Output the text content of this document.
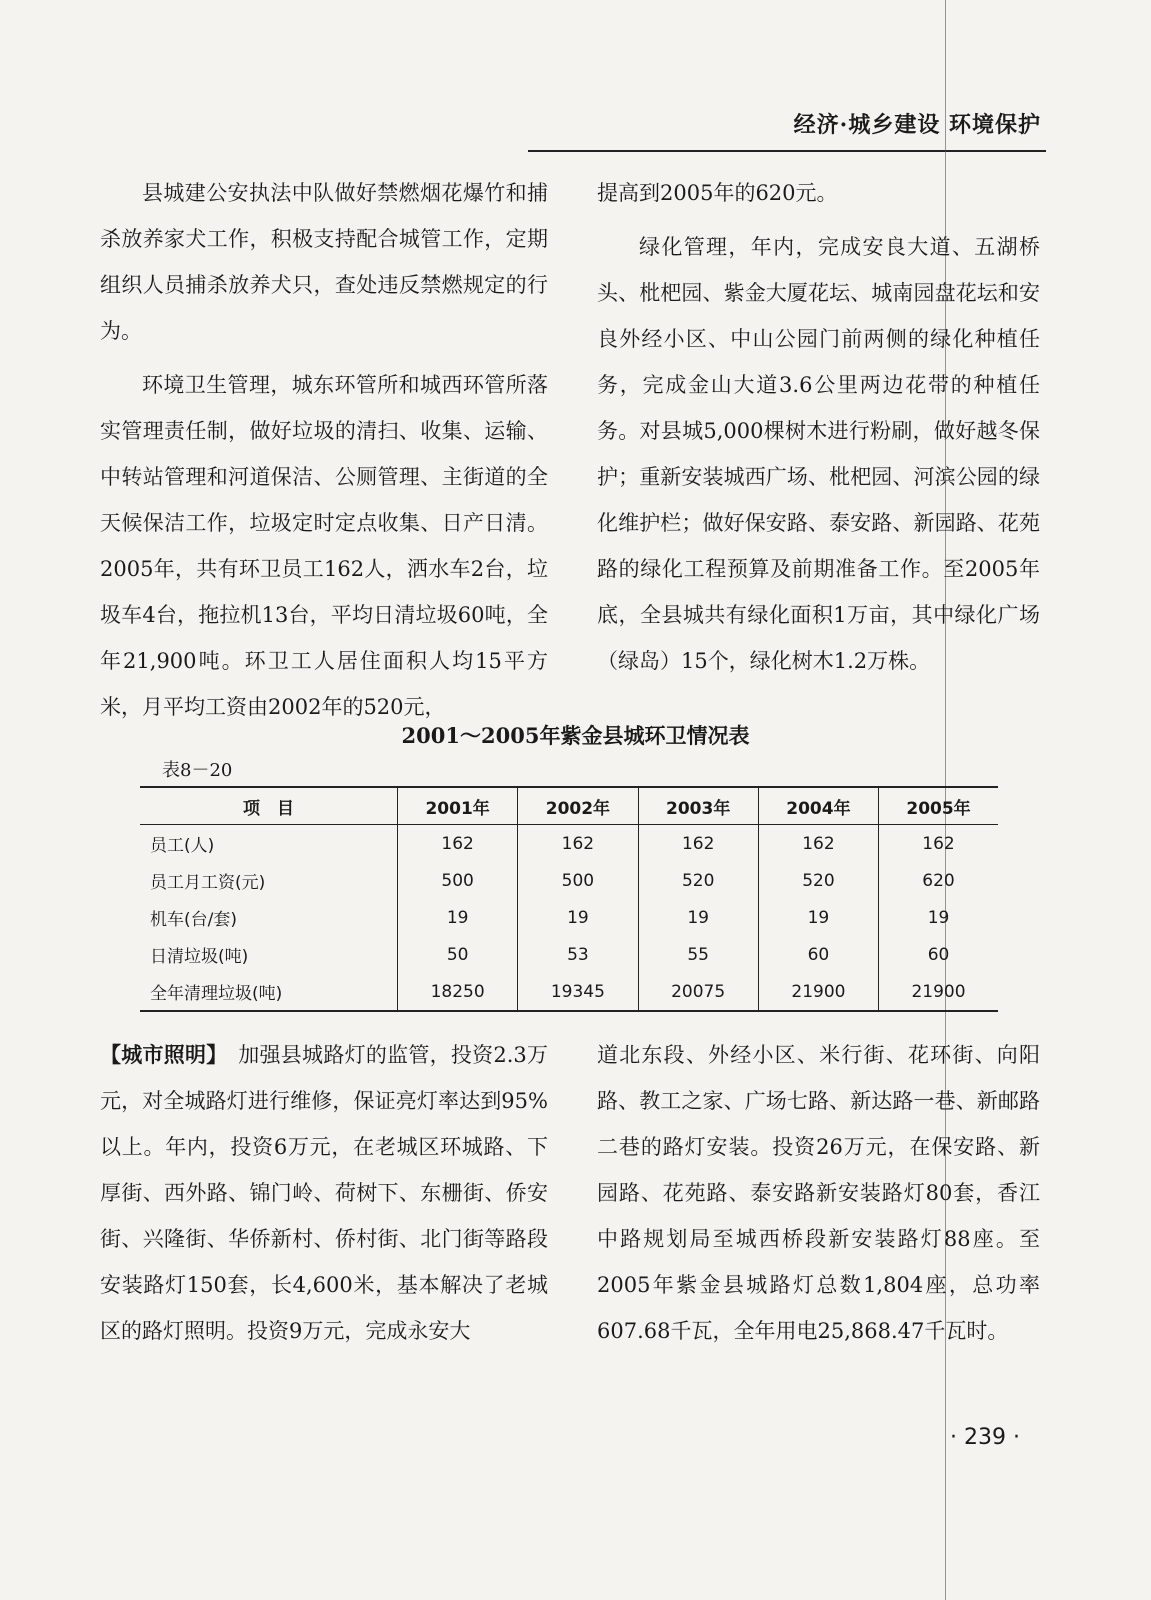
经济·城乡建设 环境保护

县城建公安执法中队做好禁燃烟花爆竹和捕杀放养家犬工作，积极支持配合城管工作，定期组织人员捕杀放养犬只，查处违反禁燃规定的行为。

环境卫生管理，城东环管所和城西环管所落实管理责任制，做好垃圾的清扫、收集、运输、中转站管理和河道保洁、公厕管理、主街道的全天候保洁工作，垃圾定时定点收集、日产日清。2005年，共有环卫员工162人，洒水车2台，垃圾车4台，拖拉机13台，平均日清垃圾60吨，全年21,900吨。环卫工人居住面积人均15平方米，月平均工资由2002年的520元，

提高到2005年的620元。

绿化管理，年内，完成安良大道、五湖桥头、枇杷园、紫金大厦花坛、城南园盘花坛和安良外经小区、中山公园门前两侧的绿化种植任务，完成金山大道3.6公里两边花带的种植任务。对县城5,000棵树木进行粉刷，做好越冬保护；重新安装城西广场、枇杷园、河滨公园的绿化维护栏；做好保安路、泰安路、新园路、花苑路的绿化工程预算及前期准备工作。至2005年底，全县城共有绿化面积1万亩，其中绿化广场（绿岛）15个，绿化树木1.2万株。

2001～2005年紫金县城环卫情况表
表8－20
项　目	2001年	2002年	2003年	2004年	2005年
员工(人)	162	162	162	162	162
员工月工资(元)	500	500	520	520	620
机车(台/套)	19	19	19	19	19
日清垃圾(吨)	50	53	55	60	60
全年清理垃圾(吨)	18250	19345	20075	21900	21900

【城市照明】　 加强县城路灯的监管，投资2.3万元，对全城路灯进行维修，保证亮灯率达到95%以上。年内，投资6万元，在老城区环城路、下厚街、西外路、锦门岭、荷树下、东栅街、侨安街、兴隆街、华侨新村、侨村街、北门街等路段安装路灯150套，长4,600米，基本解决了老城区的路灯照明。投资9万元，完成永安大

道北东段、外经小区、米行街、花环街、向阳路、教工之家、广场七路、新达路一巷、新邮路二巷的路灯安装。投资26万元，在保安路、新园路、花苑路、泰安路新安装路灯80套，香江中路规划局至城西桥段新安装路灯88座。至2005年紫金县城路灯总数1,804座，总功率607.68千瓦，全年用电25,868.47千瓦时。

· 239 ·
